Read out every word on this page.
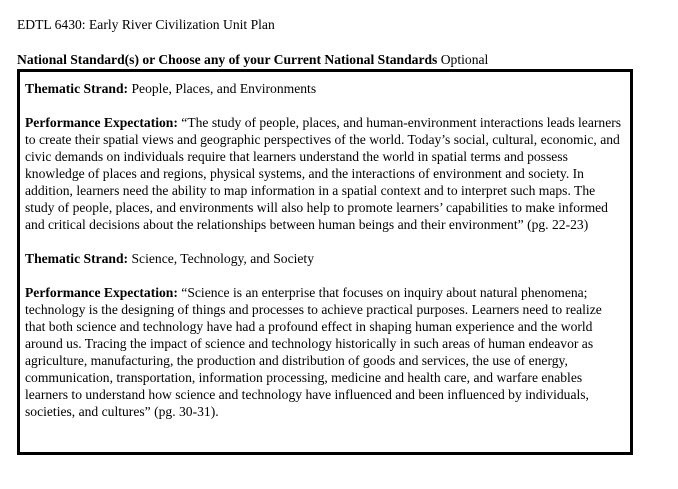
EDTL 6430: Early River Civilization Unit Plan
National Standard(s) or Choose any of your Current National Standards Optional

Thematic Strand: People, Places, and Environments

Performance Expectation: “The study of people, places, and human-environment interactions leads learners to create their spatial views and geographic perspectives of the world. Today’s social, cultural, economic, and civic demands on individuals require that learners understand the world in spatial terms and possess knowledge of places and regions, physical systems, and the interactions of environment and society. In addition, learners need the ability to map information in a spatial context and to interpret such maps. The study of people, places, and environments will also help to promote learners’ capabilities to make informed and critical decisions about the relationships between human beings and their environment” (pg. 22-23)

Thematic Strand: Science, Technology, and Society

Performance Expectation: “Science is an enterprise that focuses on inquiry about natural phenomena; technology is the designing of things and processes to achieve practical purposes. Learners need to realize that both science and technology have had a profound effect in shaping human experience and the world around us. Tracing the impact of science and technology historically in such areas of human endeavor as agriculture, manufacturing, the production and distribution of goods and services, the use of energy, communication, transportation, information processing, medicine and health care, and warfare enables learners to understand how science and technology have influenced and been influenced by individuals, societies, and cultures” (pg. 30-31).
